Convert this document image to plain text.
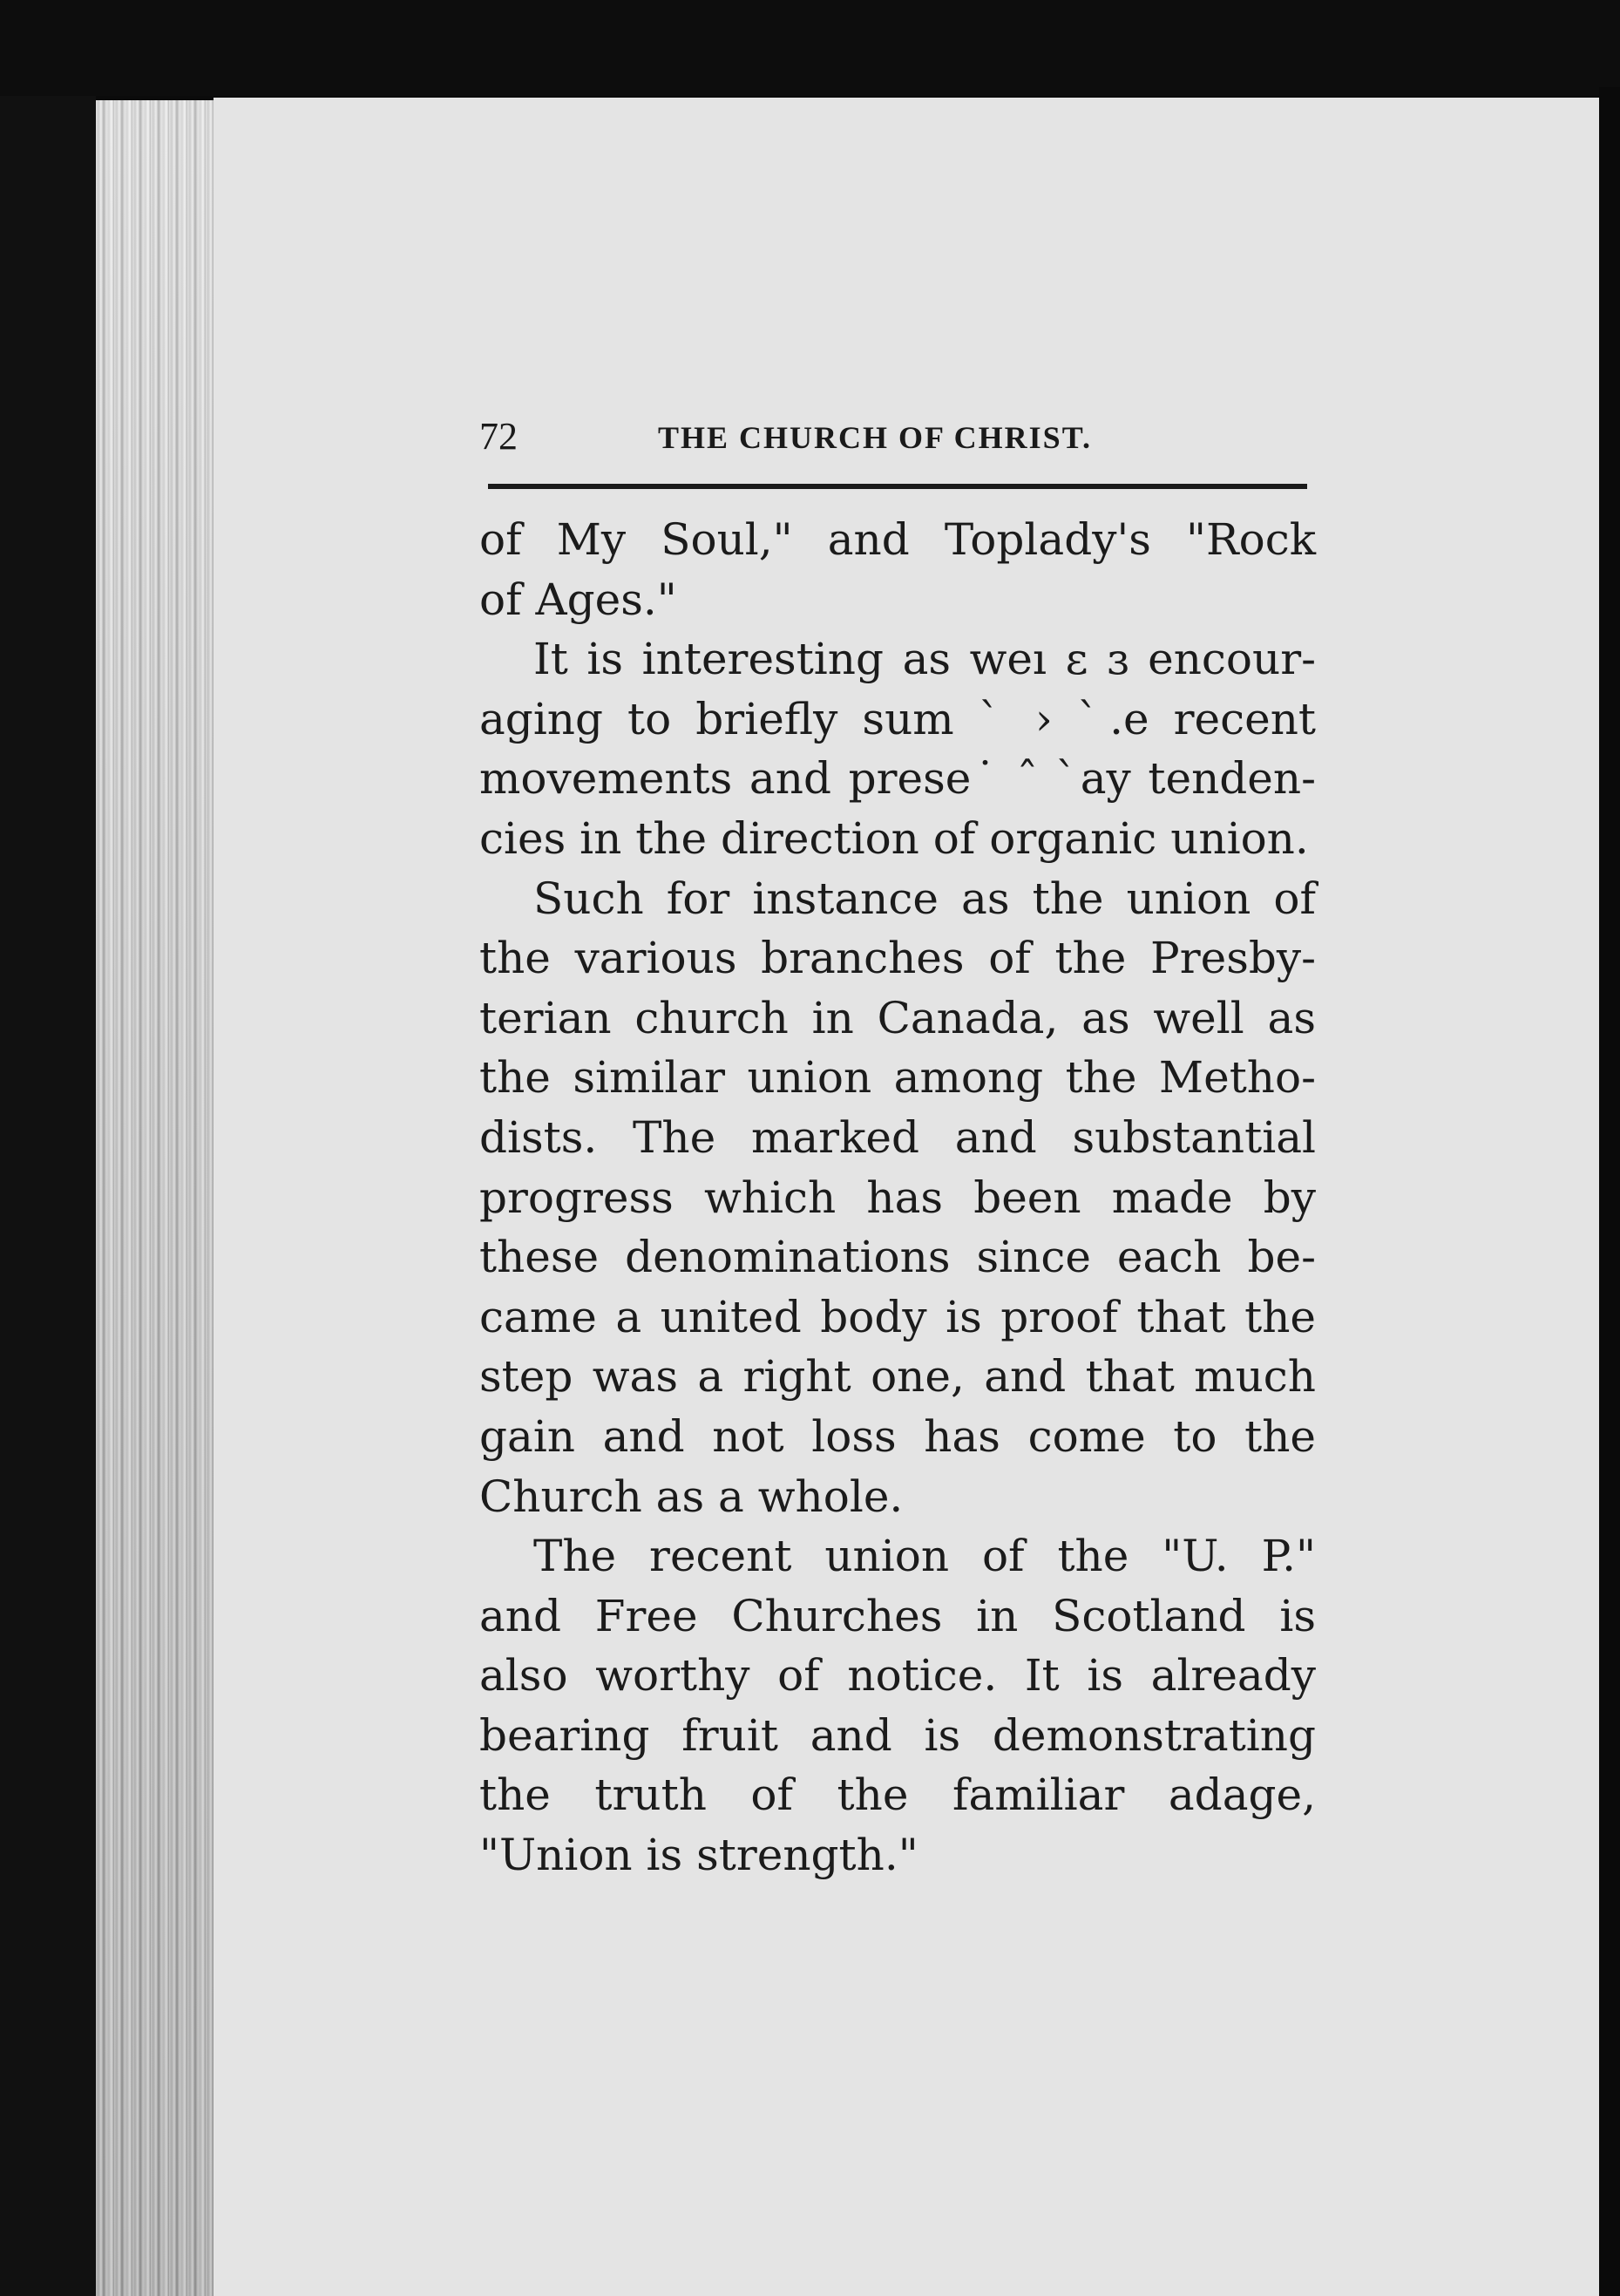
72	THE CHURCH OF CHRIST.
of My Soul," and Toplady's "Rock
of Ages."
It is interesting as weı ɛ ɜ encour-
aging to briefly sum ˋ › ˋ.e recent
movements and prese˙ ˆ ˋay tenden-
cies in the direction of organic union.
Such for instance as the union of
the various branches of the Presby-
terian church in Canada, as well as
the similar union among the Metho-
dists. The marked and substantial
progress which has been made by
these denominations since each be-
came a united body is proof that the
step was a right one, and that much
gain and not loss has come to the
Church as a whole.
The recent union of the "U. P."
and Free Churches in Scotland is
also worthy of notice. It is already
bearing fruit and is demonstrating
the truth of the familiar adage,
"Union is strength."
